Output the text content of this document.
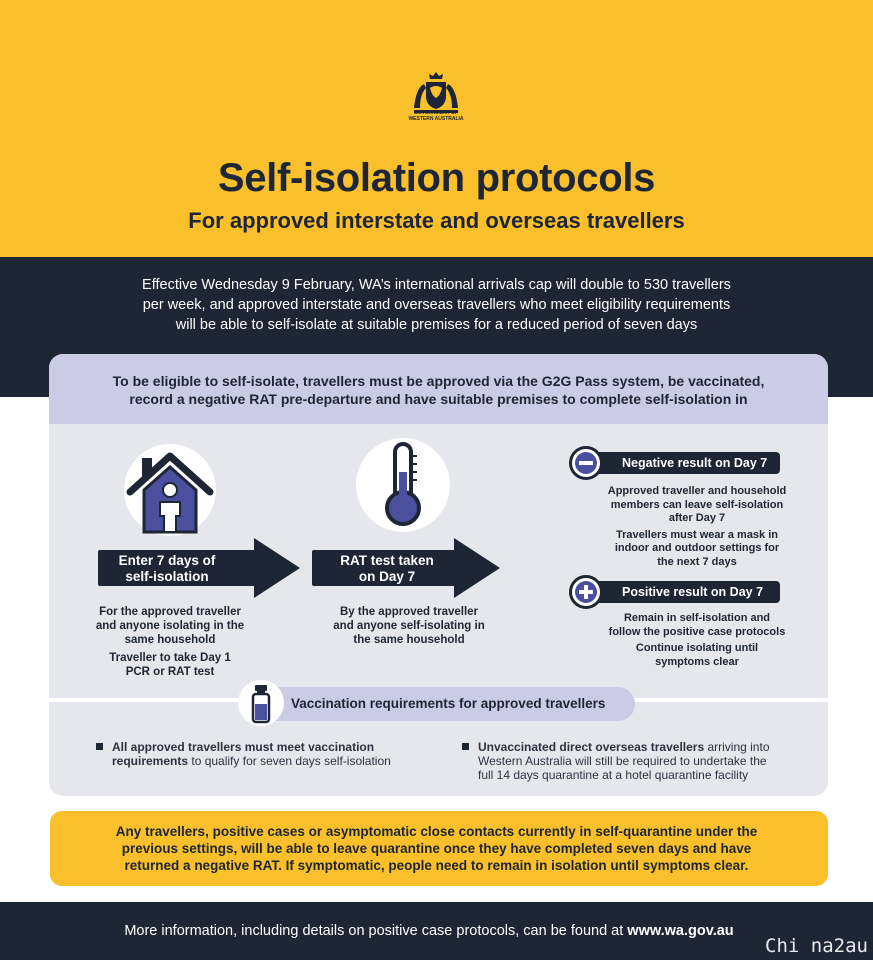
GOVERNMENT OF
WESTERN AUSTRALIA
Self-isolation protocols
For approved interstate and overseas travellers
Effective Wednesday 9 February, WA’s international arrivals cap will double to 530 travellers
per week, and approved interstate and overseas travellers who meet eligibility requirements
will be able to self-isolate at suitable premises for a reduced period of seven days
To be eligible to self-isolate, travellers must be approved via the G2G Pass system, be vaccinated,
record a negative RAT pre-departure and have suitable premises to complete self-isolation in
Enter 7 days of
self-isolation
RAT test taken
on Day 7
For the approved traveller
and anyone isolating in the
same household
Traveller to take Day 1
PCR or RAT test
By the approved traveller
and anyone self-isolating in
the same household
Negative result on Day 7
Approved traveller and household
members can leave self-isolation
after Day 7
Travellers must wear a mask in
indoor and outdoor settings for
the next 7 days
Positive result on Day 7
Remain in self-isolation and
follow the positive case protocols
Continue isolating until
symptoms clear
Vaccination requirements for approved travellers
All approved travellers must meet vaccination
requirements to qualify for seven days self-isolation
Unvaccinated direct overseas travellers arriving into
Western Australia will still be required to undertake the
full 14 days quarantine at a hotel quarantine facility
Any travellers, positive cases or asymptomatic close contacts currently in self-quarantine under the
previous settings, will be able to leave quarantine once they have completed seven days and have
returned a negative RAT. If symptomatic, people need to remain in isolation until symptoms clear.
More information, including details on positive case protocols, can be found at www.wa.gov.au
Chi na2au
